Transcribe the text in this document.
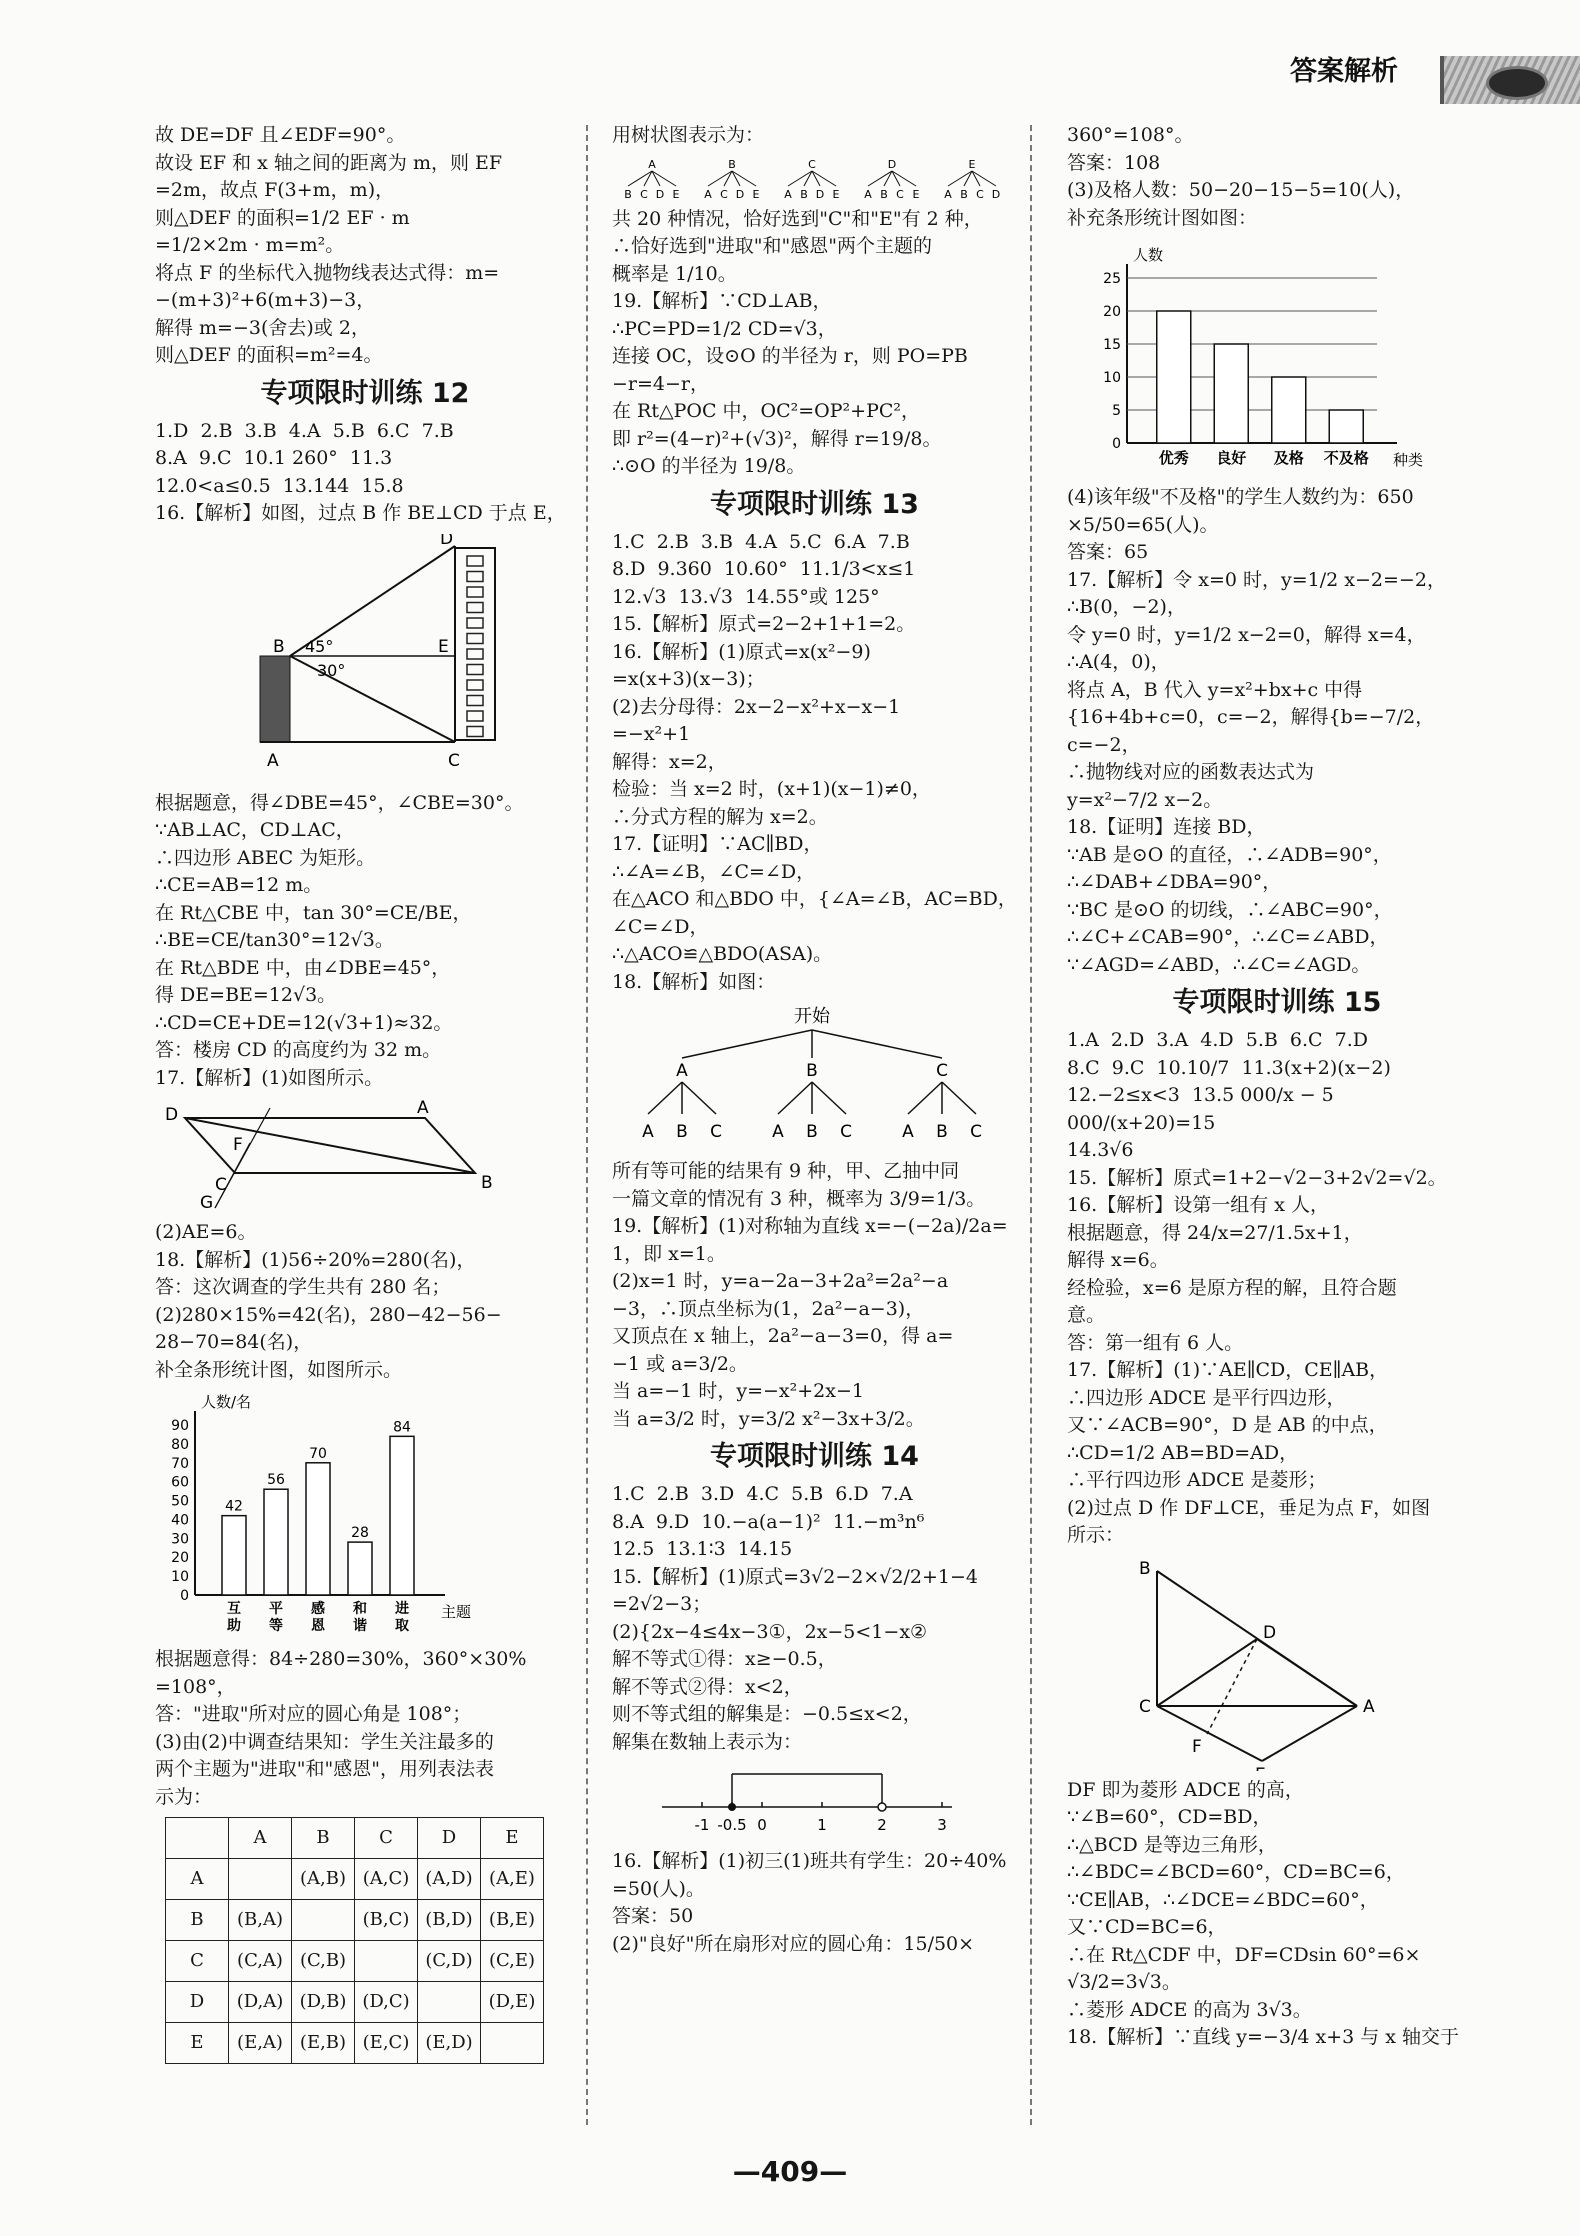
答案解析
故 DE=DF 且∠EDF=90°。
故设 EF 和 x 轴之间的距离为 m，则 EF
=2m，故点 F(3+m，m)，
则△DEF 的面积=1/2 EF · m
=1/2×2m · m=m²。
将点 F 的坐标代入抛物线表达式得：m=
−(m+3)²+6(m+3)−3，
解得 m=−3(舍去)或 2，
则△DEF 的面积=m²=4。
专项限时训练 12
1.D  2.B  3.B  4.A  5.B  6.C  7.B
8.A  9.C  10.1 260°  11.3
12.0<a≤0.5  13.144  15.8
16.【解析】如图，过点 B 作 BE⊥CD 于点 E，
D
B 45°
30°
E
A	C
根据题意，得∠DBE=45°，∠CBE=30°。
∵AB⊥AC，CD⊥AC，
∴四边形 ABEC 为矩形。
∴CE=AB=12 m。
在 Rt△CBE 中，tan 30°=CE/BE，
∴BE=CE/tan30°=12√3。
在 Rt△BDE 中，由∠DBE=45°，
得 DE=BE=12√3。
∴CD=CE+DE=12(√3+1)≈32。
答：楼房 CD 的高度约为 32 m。
17.【解析】(1)如图所示。
D
F
A
C	B
G
(2)AE=6。
18.【解析】(1)56÷20%=280(名)，
答：这次调查的学生共有 280 名；
(2)280×15%=42(名)，280−42−56−
28−70=84(名)，
补全条形统计图，如图所示。
0
10
20
30
40
50
60
70
80
90
人数/名
主题
42
互
助
56
平
等
70
感
恩
28
和
谐
84
进
取
根据题意得：84÷280=30%，360°×30%
=108°，
答："进取"所对应的圆心角是 108°；
(3)由(2)中调查结果知：学生关注最多的
两个主题为"进取"和"感恩"，用列表法表
示为：
	A	B	C	D	E
A		(A,B)	(A,C)	(A,D)	(A,E)
B	(B,A)		(B,C)	(B,D)	(B,E)
C	(C,A)	(C,B)		(C,D)	(C,E)
D	(D,A)	(D,B)	(D,C)		(D,E)
E	(E,A)	(E,B)	(E,C)	(E,D)	
用树状图表示为：
A
B C D E
B
A C D E
C
A B D E
D
A B C E
E
A B C D
共 20 种情况，恰好选到"C"和"E"有 2 种，
∴恰好选到"进取"和"感恩"两个主题的
概率是 1/10。
19.【解析】∵CD⊥AB，
∴PC=PD=1/2 CD=√3，
连接 OC，设⊙O 的半径为 r，则 PO=PB
−r=4−r，
在 Rt△POC 中，OC²=OP²+PC²，
即 r²=(4−r)²+(√3)²，解得 r=19/8。
∴⊙O 的半径为 19/8。
专项限时训练 13
1.C  2.B  3.B  4.A  5.C  6.A  7.B
8.D  9.360  10.60°  11.1/3<x≤1
12.√3  13.√3  14.55°或 125°
15.【解析】原式=2−2+1+1=2。
16.【解析】(1)原式=x(x²−9)
=x(x+3)(x−3)；
(2)去分母得：2x−2−x²+x−x−1
=−x²+1
解得：x=2，
检验：当 x=2 时，(x+1)(x−1)≠0，
∴分式方程的解为 x=2。
17.【证明】∵AC∥BD，
∴∠A=∠B，∠C=∠D，
在△ACO 和△BDO 中，{∠A=∠B，AC=BD，∠C=∠D，
∴△ACO≌△BDO(ASA)。
18.【解析】如图：
开始
A
A B C
B
A B C
C
A B C
所有等可能的结果有 9 种，甲、乙抽中同
一篇文章的情况有 3 种，概率为 3/9=1/3。
19.【解析】(1)对称轴为直线 x=−(−2a)/2a=
1，即 x=1。
(2)x=1 时，y=a−2a−3+2a²=2a²−a
−3，∴顶点坐标为(1，2a²−a−3)，
又顶点在 x 轴上，2a²−a−3=0，得 a=
−1 或 a=3/2。
当 a=−1 时，y=−x²+2x−1
当 a=3/2 时，y=3/2 x²−3x+3/2。
专项限时训练 14
1.C  2.B  3.D  4.C  5.B  6.D  7.A
8.A  9.D  10.−a(a−1)²  11.−m³n⁶
12.5  13.1∶3  14.15
15.【解析】(1)原式=3√2−2×√2/2+1−4
=2√2−3；
(2){2x−4≤4x−3①，2x−5<1−x②
解不等式①得：x≥−0.5，
解不等式②得：x<2，
则不等式组的解集是：−0.5≤x<2，
解集在数轴上表示为：
-1 -0.5 0	1	2	3
16.【解析】(1)初三(1)班共有学生：20÷40%
=50(人)。
答案：50
(2)"良好"所在扇形对应的圆心角：15/50×
360°=108°。
答案：108
(3)及格人数：50−20−15−5=10(人)，
补充条形统计图如图：
0
5
10
15
20
25
人数
种类
优秀 良好 及格 不及格
(4)该年级"不及格"的学生人数约为：650
×5/50=65(人)。
答案：65
17.【解析】令 x=0 时，y=1/2 x−2=−2，
∴B(0，−2)，
令 y=0 时，y=1/2 x−2=0，解得 x=4，
∴A(4，0)，
将点 A，B 代入 y=x²+bx+c 中得
{16+4b+c=0，c=−2，解得{b=−7/2，c=−2，
∴抛物线对应的函数表达式为
y=x²−7/2 x−2。
18.【证明】连接 BD，
∵AB 是⊙O 的直径，∴∠ADB=90°，
∴∠DAB+∠DBA=90°，
∵BC 是⊙O 的切线，∴∠ABC=90°，
∴∠C+∠CAB=90°，∴∠C=∠ABD，
∵∠AGD=∠ABD，∴∠C=∠AGD。
专项限时训练 15
1.A  2.D  3.A  4.D  5.B  6.C  7.D
8.C  9.C  10.10/7  11.3(x+2)(x−2)
12.−2≤x<3  13.5 000/x − 5 000/(x+20)=15
14.3√6
15.【解析】原式=1+2−√2−3+2√2=√2。
16.【解析】设第一组有 x 人，
根据题意，得 24/x=27/1.5x+1，
解得 x=6。
经检验，x=6 是原方程的解，且符合题
意。
答：第一组有 6 人。
17.【解析】(1)∵AE∥CD，CE∥AB，
∴四边形 ADCE 是平行四边形，
又∵∠ACB=90°，D 是 AB 的中点，
∴CD=1/2 AB=BD=AD，
∴平行四边形 ADCE 是菱形；
(2)过点 D 作 DF⊥CE，垂足为点 F，如图
所示：
B
D
C	A
F
DF 即为菱形 ADCE 的高，
∵∠B=60°，CD=BD，
∴△BCD 是等边三角形，
∴∠BDC=∠BCD=60°，CD=BC=6，
∵CE∥AB，∴∠DCE=∠BDC=60°，
又∵CD=BC=6，
∴在 Rt△CDF 中，DF=CDsin 60°=6×
√3/2=3√3。
∴菱形 ADCE 的高为 3√3。
18.【解析】∵直线 y=−3/4 x+3 与 x 轴交于
—409—
